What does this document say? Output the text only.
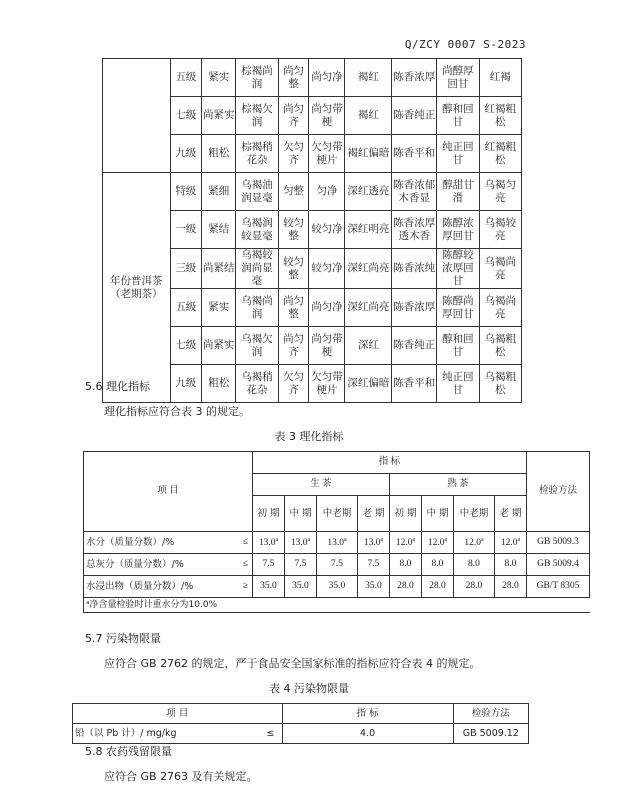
Q/ZCY 0007 S-2023
	五级	紧实	棕褐尚润	尚匀整	尚匀净	褐红	陈香浓厚	尚醇厚回甘	红褐
	七级	尚紧实	棕褐欠润	尚匀齐	尚匀带梗	褐红	陈香纯正	醇和回甘	红褐粗松
	九级	粗松	棕褐稍花杂	欠匀齐	欠匀带梗片	褐红偏暗	陈香平和	纯正回甘	红褐粗松
年份普洱茶（老期茶）	特级	紧细	乌褐油润显毫	匀整	匀净	深红透亮	陈香浓郁木香显	醇甜甘滑	乌褐匀亮
	一级	紧结	乌褐润较显毫	较匀整	较匀净	深红明亮	陈香浓厚透木香	陈醇浓厚回甘	乌褐较亮
	三级	尚紧结	乌褐较润尚显毫	较匀整	较匀净	深红尚亮	陈香浓纯	陈醇较浓厚回甘	乌褐尚亮
	五级	紧实	乌褐尚润	尚匀整	尚匀净	深红尚亮	陈香浓厚	陈醇尚厚回甘	乌褐尚亮
	七级	尚紧实	乌褐欠润	尚匀齐	尚匀带梗	深红	陈香纯正	醇和回甘	乌褐粗松
	九级	粗松	乌褐稍花杂	欠匀齐	欠匀带梗片	深红偏暗	陈香平和	纯正回甘	乌褐粗松
5.6 理化指标
理化指标应符合表 3 的规定。
表 3 理化指标
项 目		指 标								检验方法
		生 茶				熟 茶				
		初 期	中 期	中老期	老 期	初 期	中 期	中老期	老 期	
水分（质量分数）/%	≤	13.0$^a$	13.0$^a$	13.0$^a$	13.0$^a$	12.0$^a$	12.0$^a$	12.0$^a$	12.0$^a$	GB 5009.3
总灰分（质量分数）/%	≤	7.5	7.5	7.5	7.5	8.0	8.0	8.0	8.0	GB 5009.4
水浸出物（质量分数）/%	≥	35.0	35.0	35.0	35.0	28.0	28.0	28.0	28.0	GB/T 8305
ᵃ净含量检验时计重水分为10.0%										
5.7 污染物限量
应符合 GB 2762 的规定，严于食品安全国家标准的指标应符合表 4 的规定。
表 4 污染物限量
项 目		指 标	检验方法
铅（以 Pb 计）/ mg/kg	≤	4.0	GB 5009.12
5.8 农药残留限量
应符合 GB 2763 及有关规定。
